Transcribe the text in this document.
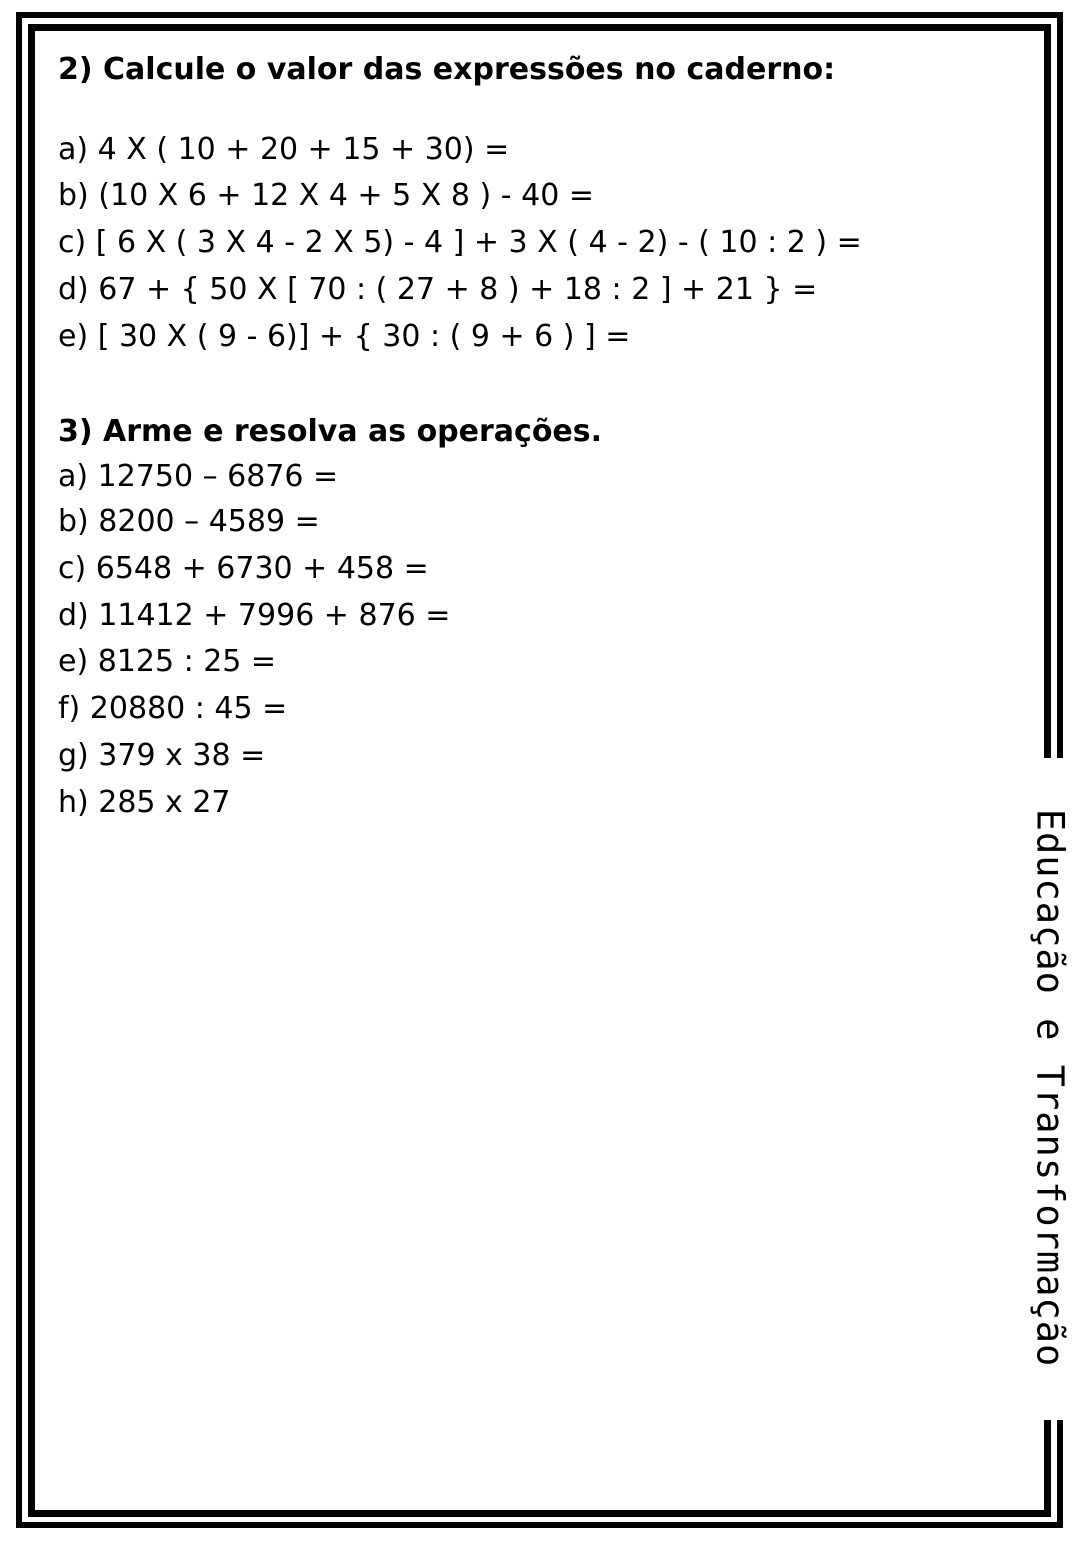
Educação e Transformação
2) Calcule o valor das expressões no caderno:
a) 4 X ( 10 + 20 + 15 + 30) =
b) (10 X 6 + 12 X 4 + 5 X 8 ) - 40 =
c) [ 6 X ( 3 X 4 - 2 X 5) - 4 ] + 3 X ( 4 - 2) - ( 10 : 2 ) =
d) 67 + { 50 X [ 70 : ( 27 + 8 ) + 18 : 2 ] + 21 } =
e) [ 30 X ( 9 - 6)] + { 30 : ( 9 + 6 ) ] =
3) Arme e resolva as operações.
a) 12750 – 6876 =
b) 8200 – 4589 =
c) 6548 + 6730 + 458 =
d) 11412 + 7996 + 876 =
e) 8125 : 25 =
f) 20880 : 45 =
g) 379 x 38 =
h) 285 x 27
